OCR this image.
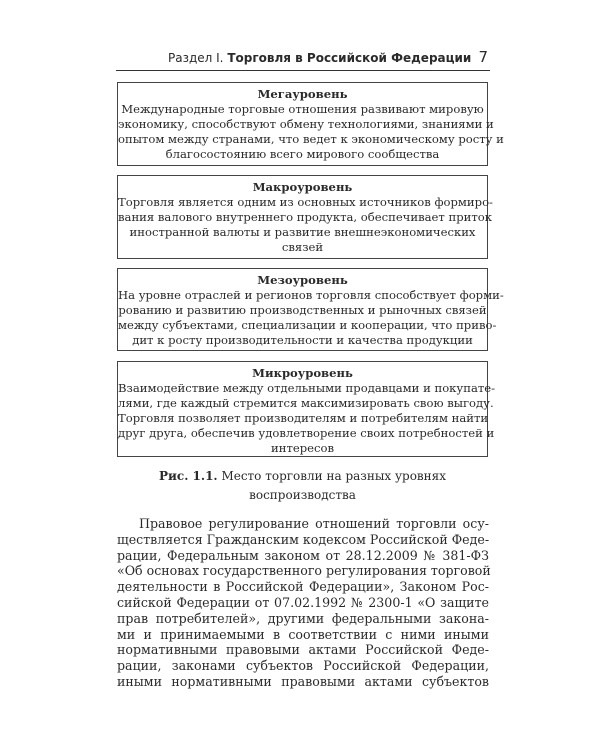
Раздел I. Торговля в Российской Федерации 7
Мегауровень
Международные торговые отношения развивают мировую
экономику, способствуют обмену технологиями, знаниями и
опытом между странами, что ведет к экономическому росту и
благосостоянию всего мирового сообщества
Макроуровень
Торговля является одним из основных источников формиро-
вания валового внутреннего продукта, обеспечивает приток
иностранной валюты и развитие внешнеэкономических
связей
Мезоуровень
На уровне отраслей и регионов торговля способствует форми-
рованию и развитию производственных и рыночных связей
между субъектами, специализации и кооперации, что приво-
дит к росту производительности и качества продукции
Микроуровень
Взаимодействие между отдельными продавцами и покупате-
лями, где каждый стремится максимизировать свою выгоду.
Торговля позволяет производителям и потребителям найти
друг друга, обеспечив удовлетворение своих потребностей и
интересов
Рис. 1.1. Место торговли на разных уровнях
воспроизводства
Правовое регулирование отношений торговли осу-
ществляется Гражданским кодексом Российской Феде-
рации, Федеральным законом от 28.12.2009 № 381-ФЗ
«Об основах государственного регулирования торговой
деятельности в Российской Федерации», Законом Рос-
сийской Федерации от 07.02.1992 № 2300-1 «О защите
прав потребителей», другими федеральными закона-
ми и принимаемыми в соответствии с ними иными
нормативными правовыми актами Российской Феде-
рации, законами субъектов Российской Федерации,
иными нормативными правовыми актами субъектов
